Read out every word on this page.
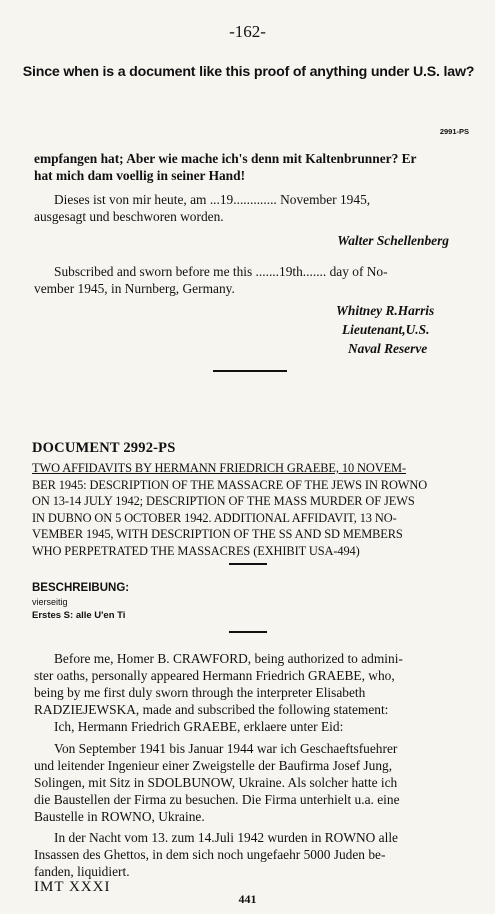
-162-
Since when is a document like this proof of anything under U.S. law?
2991-PS
empfangen hat; Aber wie mache ich's denn mit Kaltenbrunner? Er
hat mich dam voellig in seiner Hand!
Dieses ist von mir heute, am ...19............. November 1945,
ausgesagt und beschworen worden.
Walter Schellenberg
Subscribed and sworn before me this .......19th....... day of No-
vember 1945, in Nurnberg, Germany.
Whitney R.Harris
Lieutenant,U.S.
Naval Reserve
DOCUMENT 2992-PS
TWO AFFIDAVITS BY HERMANN FRIEDRICH GRAEBE, 10 NOVEM-
BER 1945: DESCRIPTION OF THE MASSACRE OF THE JEWS IN ROWNO
ON 13-14 JULY 1942; DESCRIPTION OF THE MASS MURDER OF JEWS
IN DUBNO ON 5 OCTOBER 1942. ADDITIONAL AFFIDAVIT, 13 NO-
VEMBER 1945, WITH DESCRIPTION OF THE SS AND SD MEMBERS
WHO PERPETRATED THE MASSACRES (EXHIBIT USA-494)
BESCHREIBUNG:
vierseitig
Erstes S: alle U'en Ti
Before me, Homer B. CRAWFORD, being authorized to admini-
ster oaths, personally appeared Hermann Friedrich GRAEBE, who,
being by me first duly sworn through the interpreter Elisabeth
RADZIEJEWSKA, made and subscribed the following statement:
Ich, Hermann Friedrich GRAEBE, erklaere unter Eid:
Von September 1941 bis Januar 1944 war ich Geschaeftsfuehrer
und leitender Ingenieur einer Zweigstelle der Baufirma Josef Jung,
Solingen, mit Sitz in SDOLBUNOW, Ukraine. Als solcher hatte ich
die Baustellen der Firma zu besuchen. Die Firma unterhielt u.a. eine
Baustelle in ROWNO, Ukraine.
In der Nacht vom 13. zum 14.Juli 1942 wurden in ROWNO alle
Insassen des Ghettos, in dem sich noch ungefaehr 5000 Juden be-
fanden, liquidiert.
IMT XXXI
441
